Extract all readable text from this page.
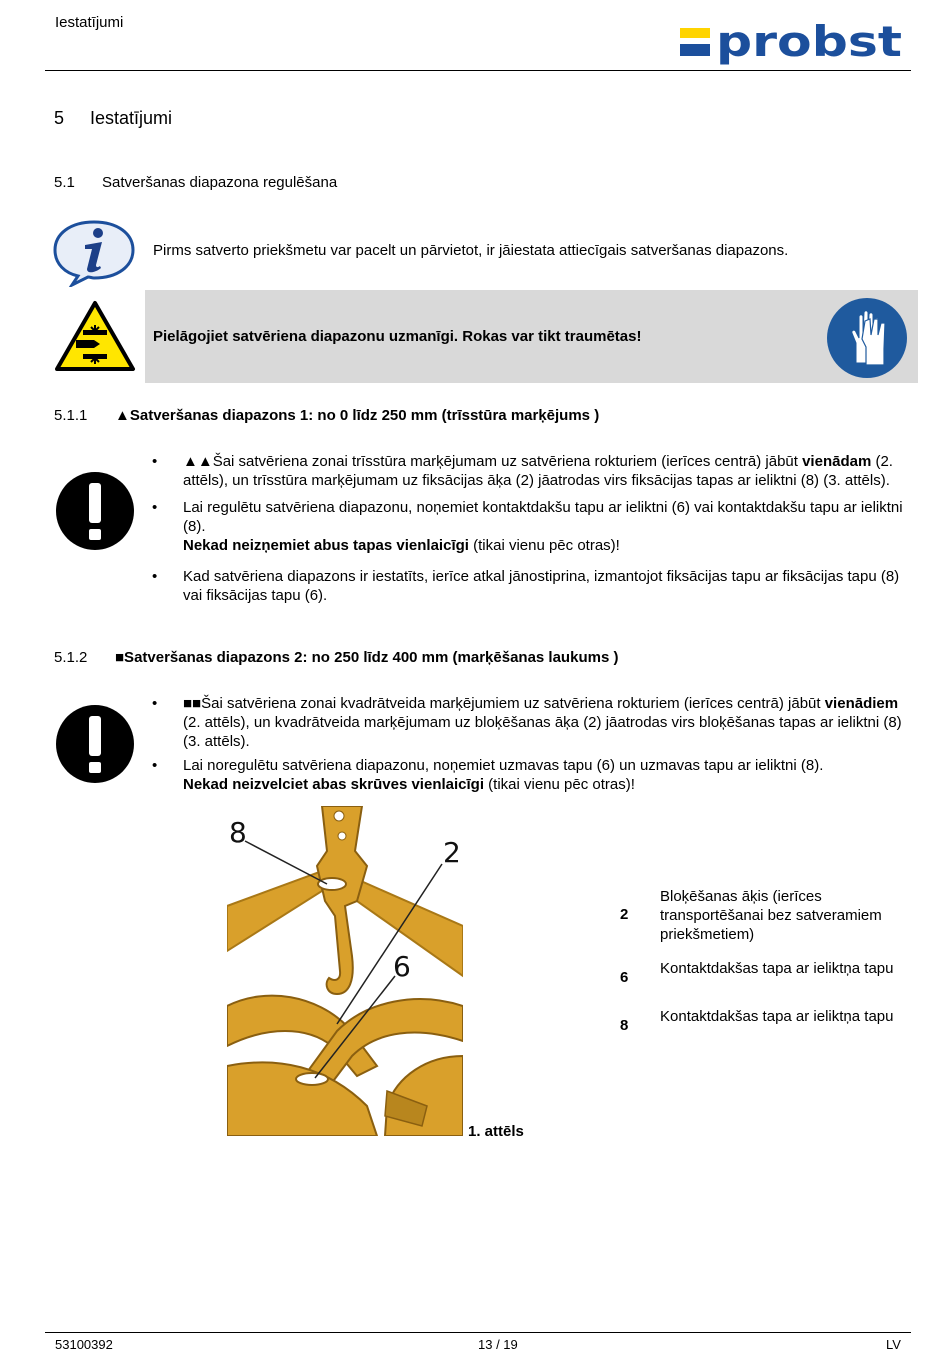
Iestatījumi	probst
5 Iestatījumi
5.1 Satveršanas diapazona regulēšana
Pirms satverto priekšmetu var pacelt un pārvietot, ir jāiestata attiecīgais satveršanas diapazons.
Pielāgojiet satvēriena diapazonu uzmanīgi. Rokas var tikt traumētas!
5.1.1 ▲Satveršanas diapazons 1: no 0 līdz 250 mm (trīsstūra marķējums )
• ▲▲Šai satvēriena zonai trīsstūra marķējumam uz satvēriena rokturiem (ierīces centrā) jābūt vienādam (2. attēls), un trīsstūra marķējumam uz fiksācijas āķa (2) jāatrodas virs fiksācijas tapas ar ieliktni (8) (3. attēls).
• Lai regulētu satvēriena diapazonu, noņemiet kontaktdakšu tapu ar ieliktni (6) vai kontaktdakšu tapu ar ieliktni (8).
Nekad neizņemiet abus tapas vienlaicīgi (tikai vienu pēc otras)!
• Kad satvēriena diapazons ir iestatīts, ierīce atkal jānostiprina, izmantojot fiksācijas tapu ar fiksācijas tapu (8) vai fiksācijas tapu (6).
5.1.2 ■Satveršanas diapazons 2: no 250 līdz 400 mm (marķēšanas laukums )
• ■■Šai satvēriena zonai kvadrātveida marķējumiem uz satvēriena rokturiem (ierīces centrā) jābūt vienādiem (2. attēls), un kvadrātveida marķējumam uz bloķēšanas āķa (2) jāatrodas virs bloķēšanas tapas ar ieliktni (8) (3. attēls).
• Lai noregulētu satvēriena diapazonu, noņemiet uzmavas tapu (6) un uzmavas tapu ar ieliktni (8).
Nekad neizvelciet abas skrūves vienlaicīgi (tikai vienu pēc otras)!
8
2
6
1. attēls
2
Bloķēšanas āķis (ierīces transportēšanai bez satveramiem priekšmetiem)
6
Kontaktdakšas tapa ar ieliktņa tapu
8
Kontaktdakšas tapa ar ieliktņa tapu
53100392	13 / 19	LV
